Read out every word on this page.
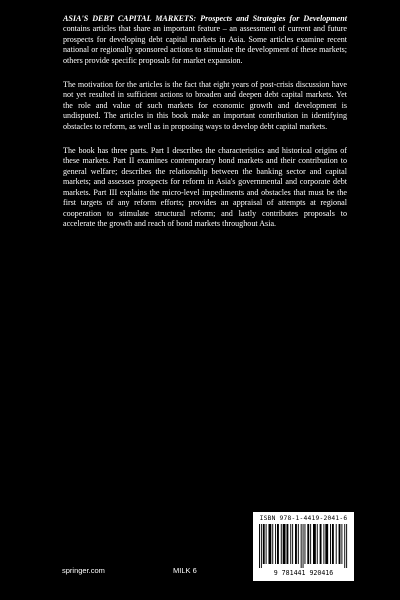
ASIA'S DEBT CAPITAL MARKETS: Prospects and Strategies for Development contains articles that share an important feature – an assessment of current and future prospects for developing debt capital markets in Asia. Some articles examine recent national or regionally sponsored actions to stimulate the development of these markets; others provide specific proposals for market expansion.

The motivation for the articles is the fact that eight years of post-crisis discussion have not yet resulted in sufficient actions to broaden and deepen debt capital markets. Yet the role and value of such markets for economic growth and development is undisputed. The articles in this book make an important contribution in identifying obstacles to reform, as well as in proposing ways to develop debt capital markets.

The book has three parts. Part I describes the characteristics and historical origins of these markets. Part II examines contemporary bond markets and their contribution to general welfare; describes the relationship between the banking sector and capital markets; and assesses prospects for reform in Asia's governmental and corporate debt markets. Part III explains the micro-level impediments and obstacles that must be the first targets of any reform efforts; provides an appraisal of attempts at regional cooperation to stimulate structural reform; and lastly contributes proposals to accelerate the growth and reach of bond markets throughout Asia.

ISBN 978-1-4419-2041-6
9 781441 920416
springer.com	MILK 6
